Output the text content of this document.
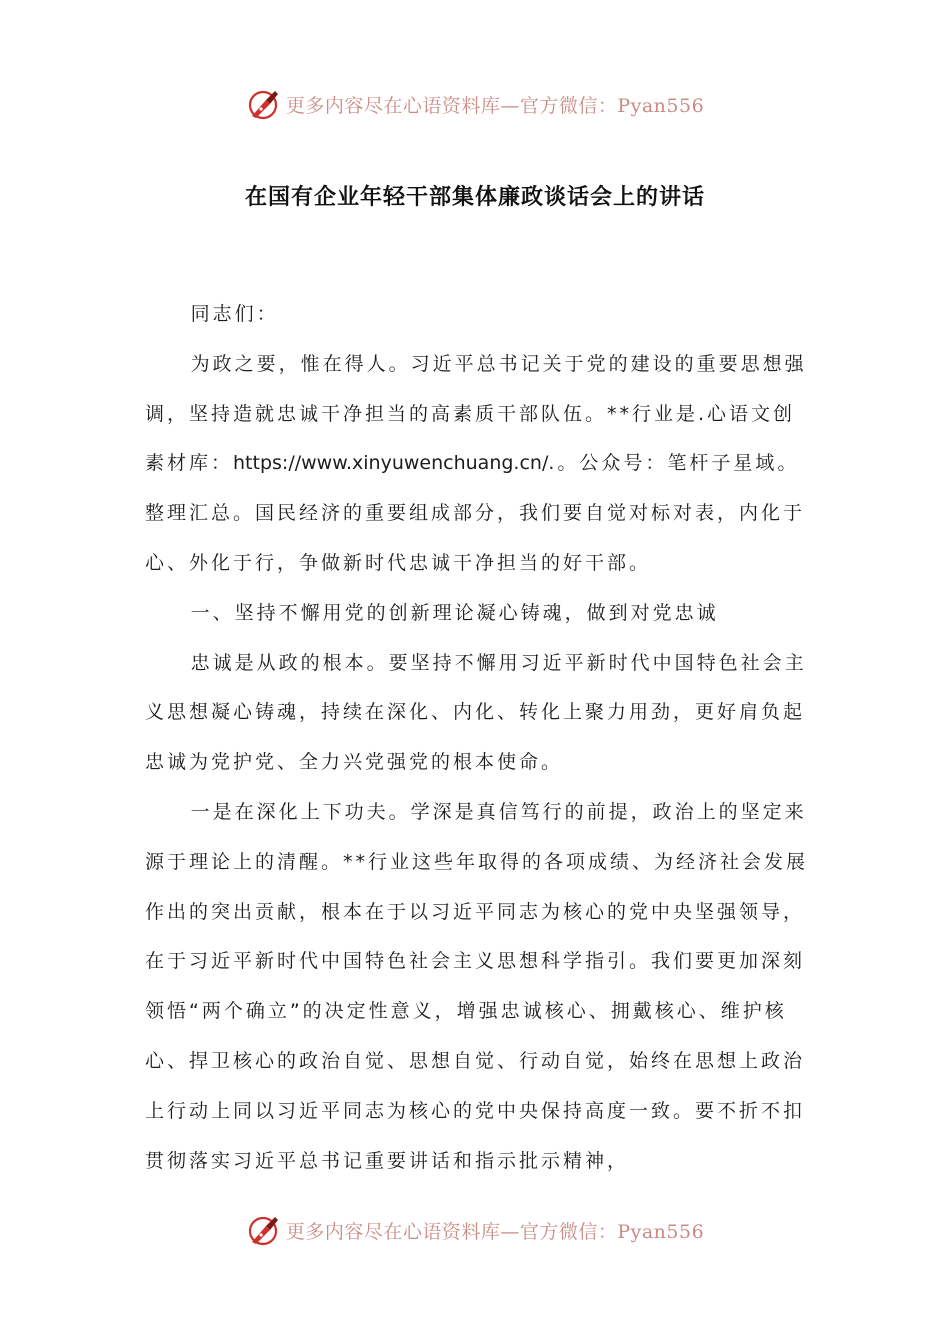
更多内容尽在心语资料库—官方微信：Pyan556
在国有企业年轻干部集体廉政谈话会上的讲话

同志们：

为政之要，惟在得人。习近平总书记关于党的建设的重要思想强调，坚持造就忠诚干净担当的高素质干部队伍。**行业是.心语文创素材库：https://www.xinyuwenchuang.cn/.。公众号：笔杆子星域。整理汇总。国民经济的重要组成部分，我们要自觉对标对表，内化于心、外化于行，争做新时代忠诚干净担当的好干部。

一、坚持不懈用党的创新理论凝心铸魂，做到对党忠诚

忠诚是从政的根本。要坚持不懈用习近平新时代中国特色社会主义思想凝心铸魂，持续在深化、内化、转化上聚力用劲，更好肩负起忠诚为党护党、全力兴党强党的根本使命。

一是在深化上下功夫。学深是真信笃行的前提，政治上的坚定来源于理论上的清醒。**行业这些年取得的各项成绩、为经济社会发展作出的突出贡献，根本在于以习近平同志为核心的党中央坚强领导，在于习近平新时代中国特色社会主义思想科学指引。我们要更加深刻领悟“两个确立”的决定性意义，增强忠诚核心、拥戴核心、维护核心、捍卫核心的政治自觉、思想自觉、行动自觉，始终在思想上政治上行动上同以习近平同志为核心的党中央保持高度一致。要不折不扣贯彻落实习近平总书记重要讲话和指示批示精神，

更多内容尽在心语资料库—官方微信：Pyan556
